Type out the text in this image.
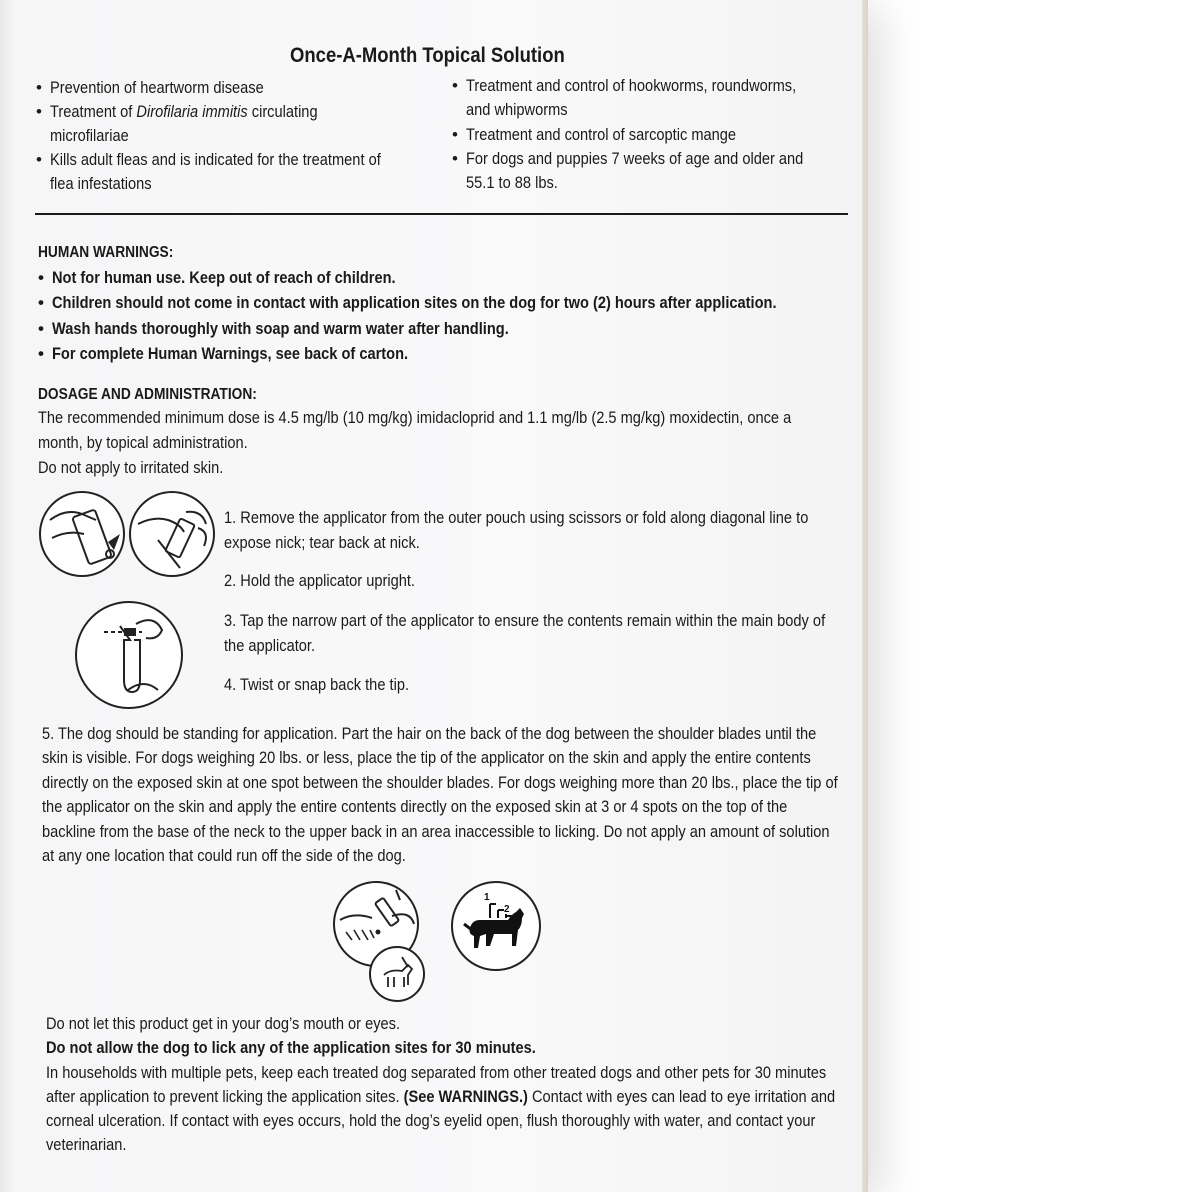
Once-A-Month Topical Solution
• Prevention of heartworm disease
• Treatment of Dirofilaria immitis circulating
microfilariae
• Kills adult fleas and is indicated for the treatment of
flea infestations
• Treatment and control of hookworms, roundworms,
and whipworms
• Treatment and control of sarcoptic mange
• For dogs and puppies 7 weeks of age and older and
55.1 to 88 lbs.
HUMAN WARNINGS:
• Not for human use. Keep out of reach of children.
• Children should not come in contact with application sites on the dog for two (2) hours after application.
• Wash hands thoroughly with soap and warm water after handling.
• For complete Human Warnings, see back of carton.
DOSAGE AND ADMINISTRATION:
The recommended minimum dose is 4.5 mg/lb (10 mg/kg) imidacloprid and 1.1 mg/lb (2.5 mg/kg) moxidectin, once a
month, by topical administration.
Do not apply to irritated skin.
1. Remove the applicator from the outer pouch using scissors or fold along diagonal line to
expose nick; tear back at nick.
2. Hold the applicator upright.
3. Tap the narrow part of the applicator to ensure the contents remain within the main body of
the applicator.
4. Twist or snap back the tip.
5. The dog should be standing for application. Part the hair on the back of the dog between the shoulder blades until the
skin is visible. For dogs weighing 20 lbs. or less, place the tip of the applicator on the skin and apply the entire contents
directly on the exposed skin at one spot between the shoulder blades. For dogs weighing more than 20 lbs., place the tip of
the applicator on the skin and apply the entire contents directly on the exposed skin at 3 or 4 spots on the top of the
backline from the base of the neck to the upper back in an area inaccessible to licking. Do not apply an amount of solution
at any one location that could run off the side of the dog.
1
2
3
Do not let this product get in your dog’s mouth or eyes.
Do not allow the dog to lick any of the application sites for 30 minutes.
In households with multiple pets, keep each treated dog separated from other treated dogs and other pets for 30 minutes
after application to prevent licking the application sites. (See WARNINGS.) Contact with eyes can lead to eye irritation and
corneal ulceration. If contact with eyes occurs, hold the dog’s eyelid open, flush thoroughly with water, and contact your
veterinarian.
